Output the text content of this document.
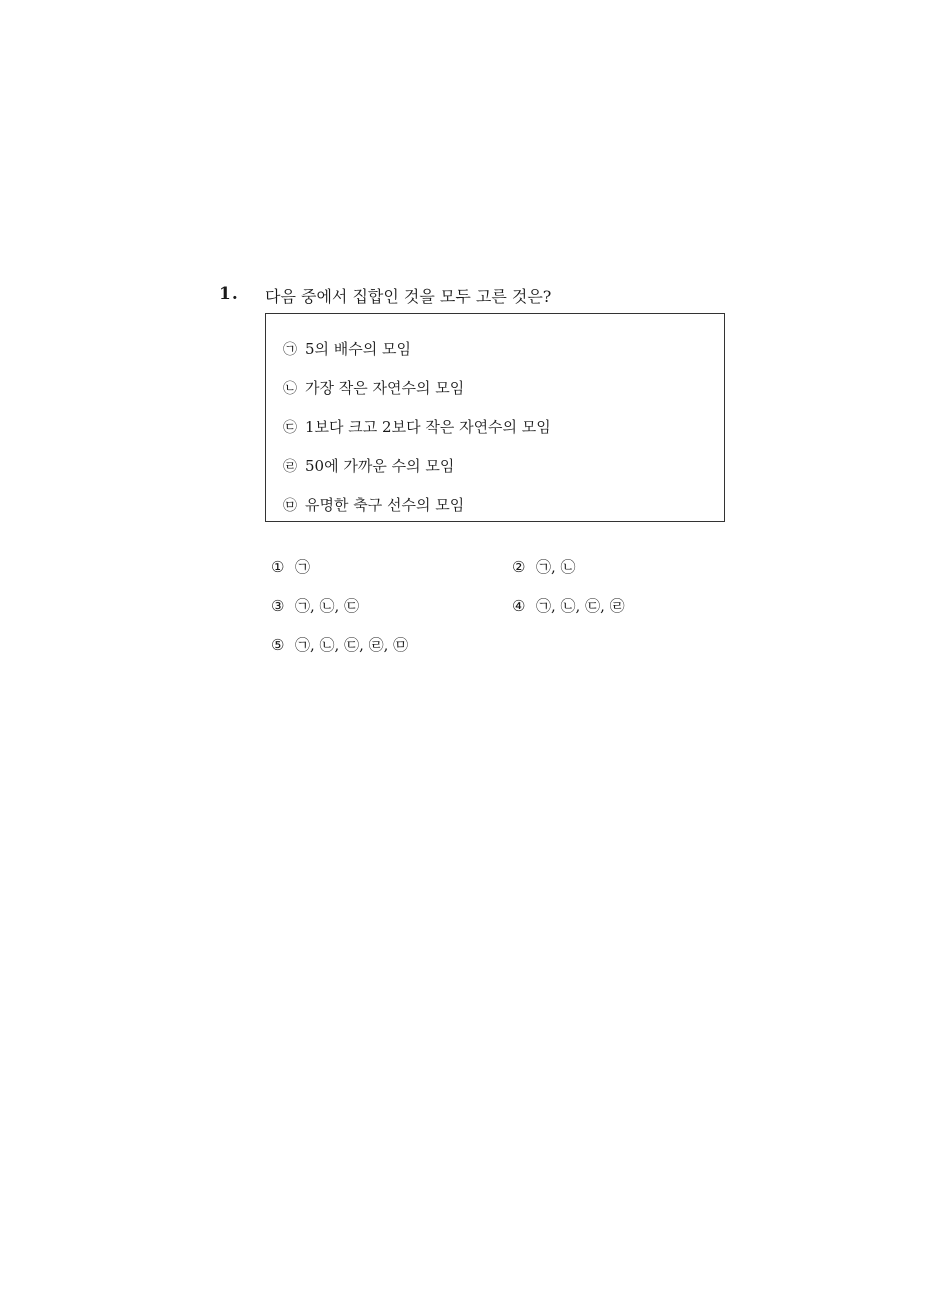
1. 다음 중에서 집합인 것을 모두 고른 것은?
㉠ 5의 배수의 모임
㉡ 가장 작은 자연수의 모임
㉢ 1보다 크고 2보다 작은 자연수의 모임
㉣ 50에 가까운 수의 모임
㉤ 유명한 축구 선수의 모임
① ㉠	② ㉠, ㉡
③ ㉠, ㉡, ㉢	④ ㉠, ㉡, ㉢, ㉣
⑤ ㉠, ㉡, ㉢, ㉣, ㉤
